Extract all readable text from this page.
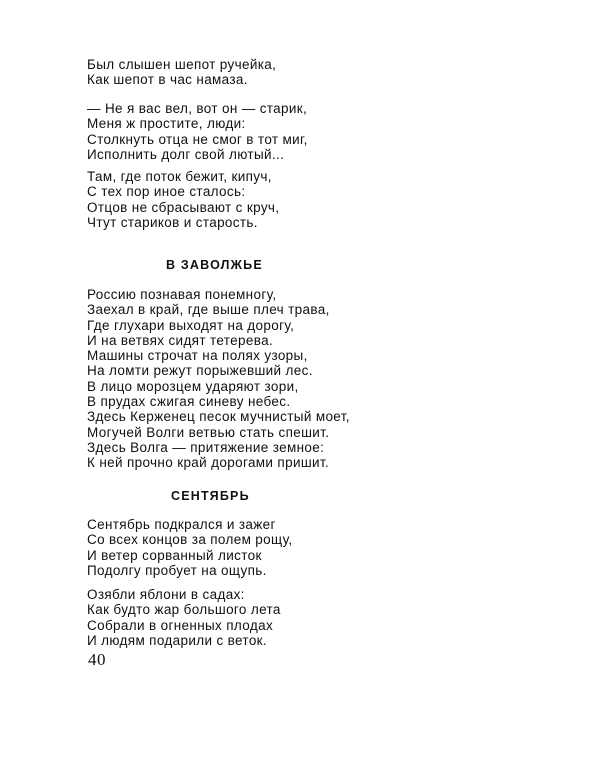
Был слышен шепот ручейка,
Как шепот в час намаза.

— Не я вас вел, вот он — старик,
Меня ж простите, люди:
Столкнуть отца не смог в тот миг,
Исполнить долг свой лютый...

Там, где поток бежит, кипуч,
С тех пор иное сталось:
Отцов не сбрасывают с круч,
Чтут стариков и старость.

В ЗАВОЛЖЬЕ

Россию познавая понемногу,
Заехал в край, где выше плеч трава,
Где глухари выходят на дорогу,
И на ветвях сидят тетерева.
Машины строчат на полях узоры,
На ломти режут порыжевший лес.
В лицо морозцем ударяют зори,
В прудах сжигая синеву небес.
Здесь Керженец песок мучнистый моет,
Могучей Волги ветвью стать спешит.
Здесь Волга — притяжение земное:
К ней прочно край дорогами пришит.

СЕНТЯБРЬ

Сентябрь подкрался и зажег
Со всех концов за полем рощу,
И ветер сорванный листок
Подолгу пробует на ощупь.

Озябли яблони в садах:
Как будто жар большого лета
Собрали в огненных плодах
И людям подарили с веток.

40
